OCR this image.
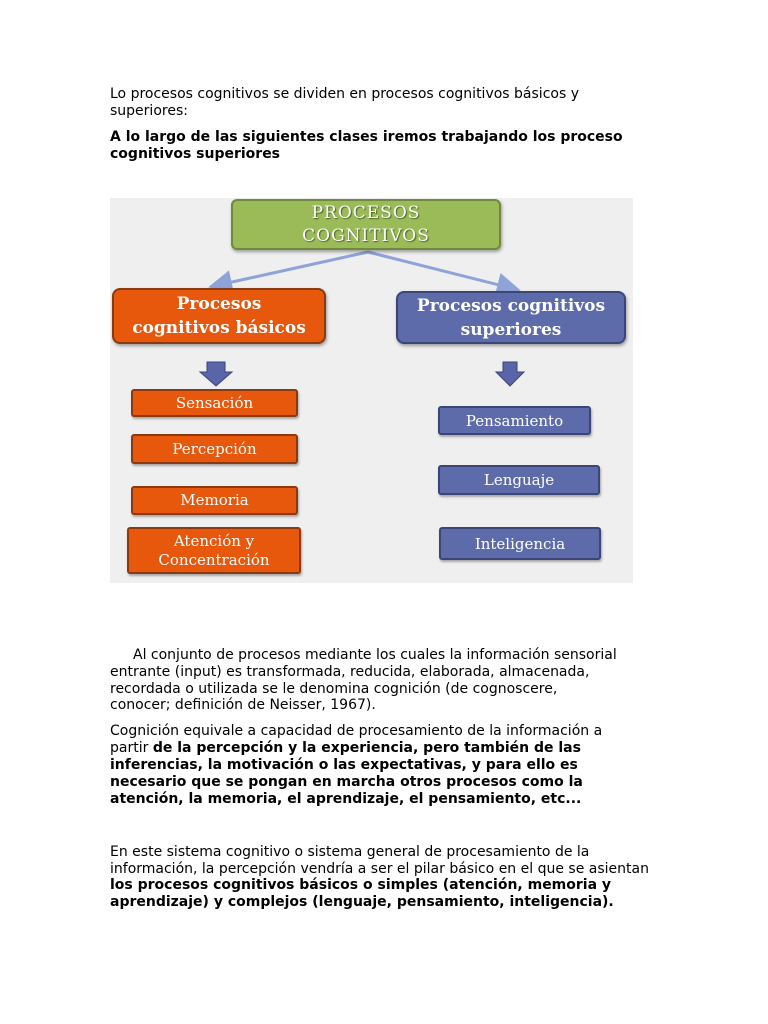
Lo procesos cognitivos se dividen en procesos cognitivos básicos y
superiores:
A lo largo de las siguientes clases iremos trabajando los proceso
cognitivos superiores
PROCESOS
COGNITIVOS
Procesos
cognitivos básicos
Procesos cognitivos
superiores
Sensación
Percepción
Memoria
Atención y
Concentración
Pensamiento
Lenguaje
Inteligencia
Al conjunto de procesos mediante los cuales la información sensorial
entrante (input) es transformada, reducida, elaborada, almacenada,
recordada o utilizada se le denomina cognición (de cognoscere,
conocer; definición de Neisser, 1967).
Cognición equivale a capacidad de procesamiento de la información a
partir de la percepción y la experiencia, pero también de las
inferencias, la motivación o las expectativas, y para ello es
necesario que se pongan en marcha otros procesos como la
atención, la memoria, el aprendizaje, el pensamiento, etc...
En este sistema cognitivo o sistema general de procesamiento de la
información, la percepción vendría a ser el pilar básico en el que se asientan
los procesos cognitivos básicos o simples (atención, memoria y
aprendizaje) y complejos (lenguaje, pensamiento, inteligencia).
